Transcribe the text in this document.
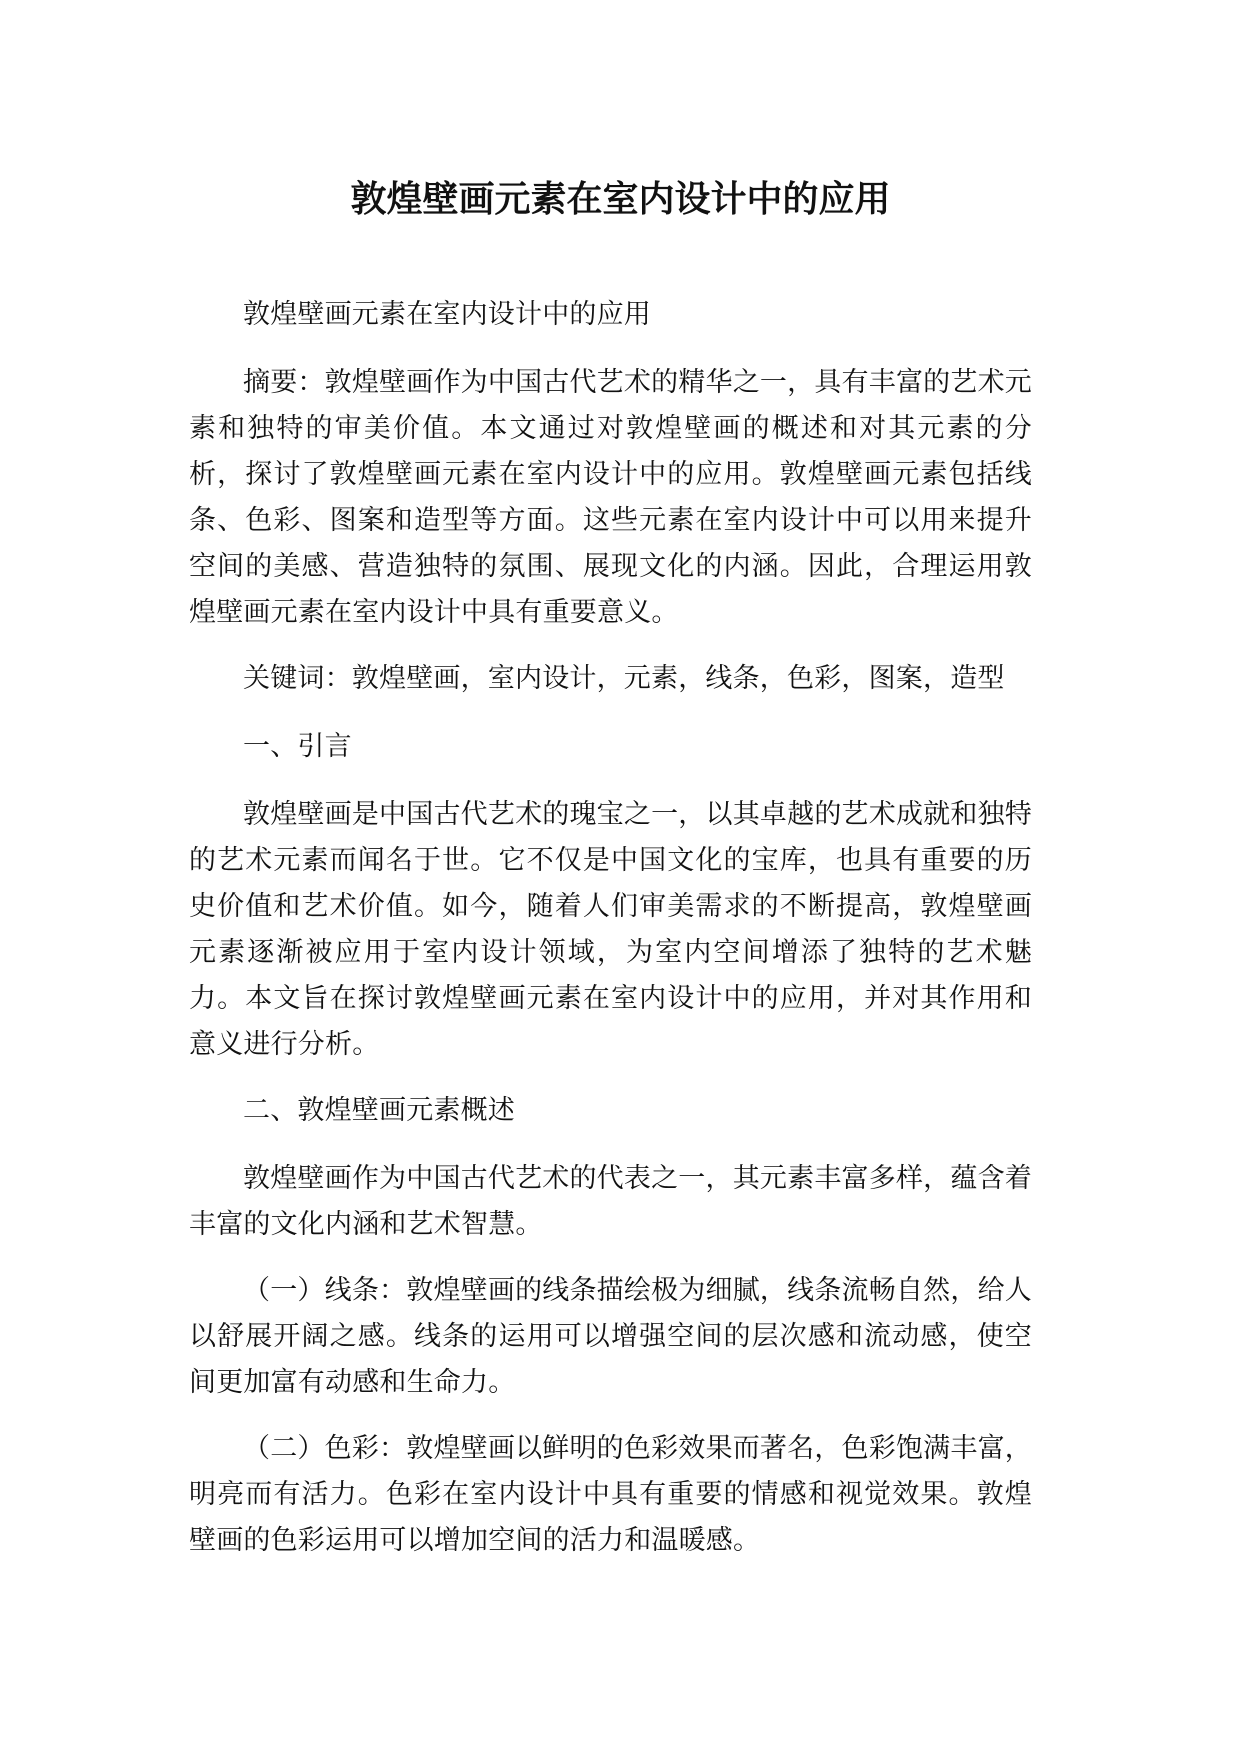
敦煌壁画元素在室内设计中的应用

敦煌壁画元素在室内设计中的应用

摘要：敦煌壁画作为中国古代艺术的精华之一，具有丰富的艺术元素和独特的审美价值。本文通过对敦煌壁画的概述和对其元素的分析，探讨了敦煌壁画元素在室内设计中的应用。敦煌壁画元素包括线条、色彩、图案和造型等方面。这些元素在室内设计中可以用来提升空间的美感、营造独特的氛围、展现文化的内涵。因此，合理运用敦煌壁画元素在室内设计中具有重要意义。

关键词：敦煌壁画，室内设计，元素，线条，色彩，图案，造型

一、引言

敦煌壁画是中国古代艺术的瑰宝之一，以其卓越的艺术成就和独特的艺术元素而闻名于世。它不仅是中国文化的宝库，也具有重要的历史价值和艺术价值。如今，随着人们审美需求的不断提高，敦煌壁画元素逐渐被应用于室内设计领域，为室内空间增添了独特的艺术魅力。本文旨在探讨敦煌壁画元素在室内设计中的应用，并对其作用和意义进行分析。

二、敦煌壁画元素概述

敦煌壁画作为中国古代艺术的代表之一，其元素丰富多样，蕴含着丰富的文化内涵和艺术智慧。

（一）线条：敦煌壁画的线条描绘极为细腻，线条流畅自然，给人以舒展开阔之感。线条的运用可以增强空间的层次感和流动感，使空间更加富有动感和生命力。

（二）色彩：敦煌壁画以鲜明的色彩效果而著名，色彩饱满丰富，明亮而有活力。色彩在室内设计中具有重要的情感和视觉效果。敦煌壁画的色彩运用可以增加空间的活力和温暖感。
